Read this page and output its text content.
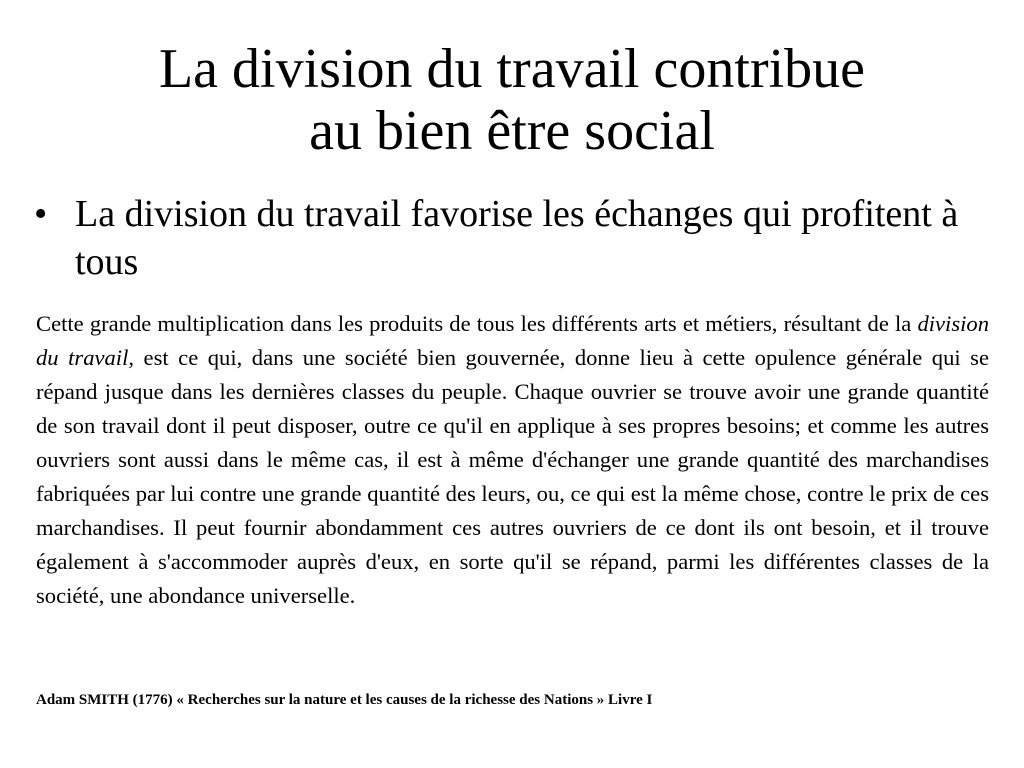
La division du travail contribue
au bien être social
• La division du travail favorise les échanges qui profitent à tous

Cette grande multiplication dans les produits de tous les différents arts et métiers, résultant de la division du travail, est ce qui, dans une société bien gouvernée, donne lieu à cette opulence générale qui se répand jusque dans les dernières classes du peuple. Chaque ouvrier se trouve avoir une grande quantité de son travail dont il peut disposer, outre ce qu'il en applique à ses propres besoins; et comme les autres ouvriers sont aussi dans le même cas, il est à même d'échanger une grande quantité des marchandises fabriquées par lui contre une grande quantité des leurs, ou, ce qui est la même chose, contre le prix de ces marchandises. Il peut fournir abondamment ces autres ouvriers de ce dont ils ont besoin, et il trouve également à s'accommoder auprès d'eux, en sorte qu'il se répand, parmi les différentes classes de la société, une abondance universelle.

Adam SMITH (1776) « Recherches sur la nature et les causes de la richesse des Nations » Livre I
